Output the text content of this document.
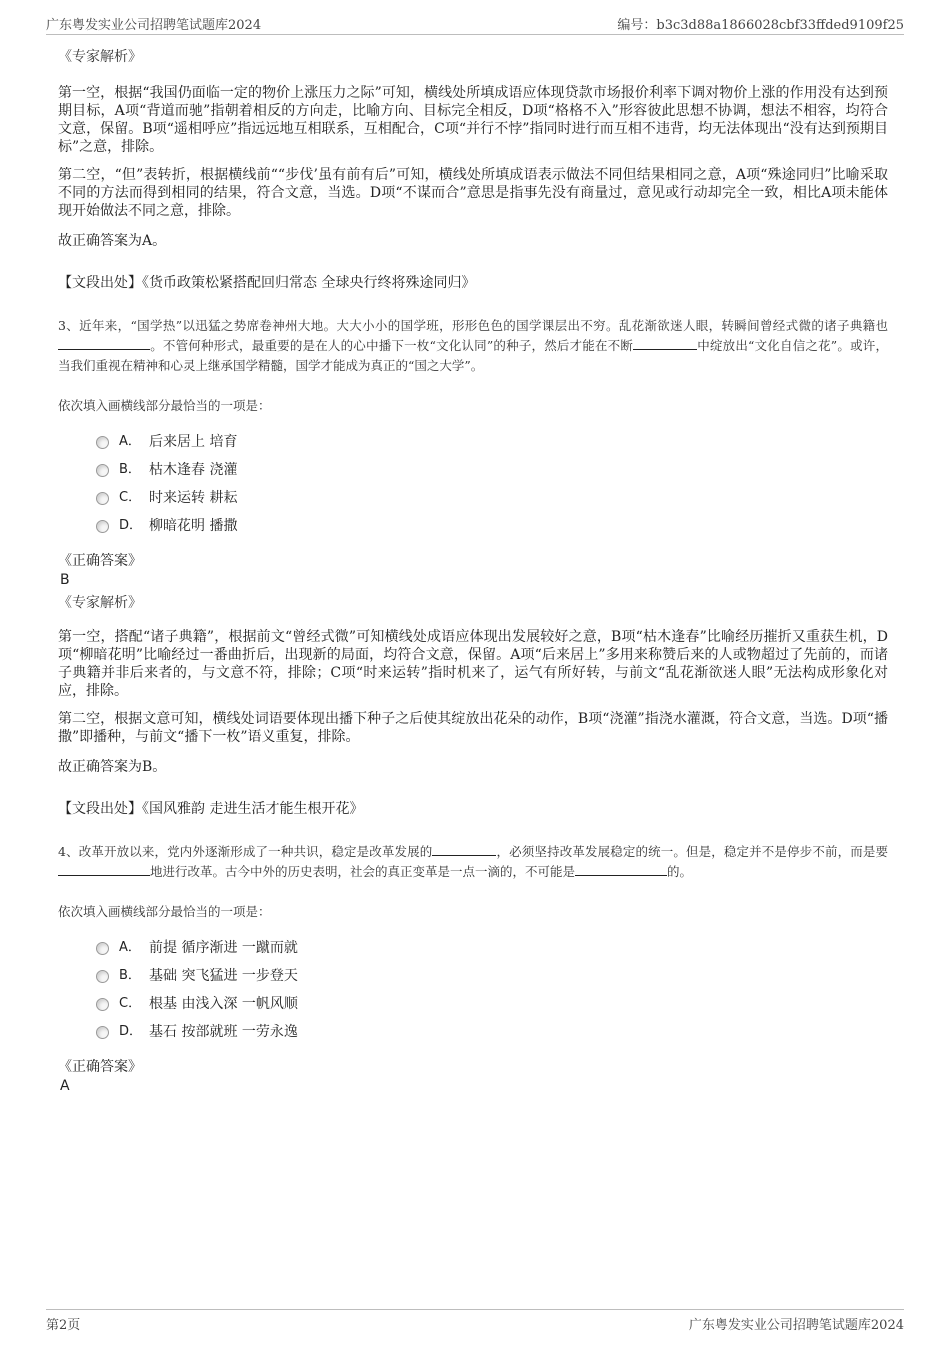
广东粤发实业公司招聘笔试题库2024	编号：b3c3d88a1866028cbf33ffded9109f25
《专家解析》

第一空，根据“我国仍面临一定的物价上涨压力之际”可知，横线处所填成语应体现贷款市场报价利率下调对物价上涨的作用没有达到预期目标，A项“背道而驰”指朝着相反的方向走，比喻方向、目标完全相反，D项“格格不入”形容彼此思想不协调，想法不相容，均符合文意，保留。B项“遥相呼应”指远远地互相联系，互相配合，C项“并行不悖”指同时进行而互相不违背，均无法体现出“没有达到预期目标”之意，排除。

第二空，“但”表转折，根据横线前““步伐’虽有前有后”可知，横线处所填成语表示做法不同但结果相同之意，A项“殊途同归”比喻采取不同的方法而得到相同的结果，符合文意，当选。D项“不谋而合”意思是指事先没有商量过，意见或行动却完全一致，相比A项未能体现开始做法不同之意，排除。

故正确答案为A。

【文段出处】《货币政策松紧搭配回归常态 全球央行终将殊途同归》
3、近年来，“国学热”以迅猛之势席卷神州大地。大大小小的国学班，形形色色的国学课层出不穷。乱花渐欲迷人眼，转瞬间曾经式微的诸子典籍也。不管何种形式，最重要的是在人的心中播下一枚“文化认同”的种子，然后才能在不断	中绽放出“文化自信之花”。或许，当我们重视在精神和心灵上继承国学精髓，国学才能成为真正的“国之大学”。
依次填入画横线部分最恰当的一项是：
A． 后来居上 培育
B． 枯木逢春 浇灌
C． 时来运转 耕耘
D． 柳暗花明 播撒
《正确答案》
B
《专家解析》

第一空，搭配“诸子典籍”，根据前文“曾经式微”可知横线处成语应体现出发展较好之意，B项“枯木逢春”比喻经历摧折又重获生机，D项“柳暗花明”比喻经过一番曲折后，出现新的局面，均符合文意，保留。A项“后来居上”多用来称赞后来的人或物超过了先前的，而诸子典籍并非后来者的，与文意不符，排除；C项“时来运转”指时机来了，运气有所好转，与前文“乱花渐欲迷人眼”无法构成形象化对应，排除。

第二空，根据文意可知，横线处词语要体现出播下种子之后使其绽放出花朵的动作，B项“浇灌”指浇水灌溉，符合文意，当选。D项“播撒”即播种，与前文“播下一枚”语义重复，排除。

故正确答案为B。

【文段出处】《国风雅韵 走进生活才能生根开花》
4、改革开放以来，党内外逐渐形成了一种共识，稳定是改革发展的	，必须坚持改革发展稳定的统一。但是，稳定并不是停步不前，而是要地进行改革。古今中外的历史表明，社会的真正变革是一点一滴的，不可能是	的。
依次填入画横线部分最恰当的一项是：
A． 前提 循序渐进 一蹴而就
B． 基础 突飞猛进 一步登天
C． 根基 由浅入深 一帆风顺
D． 基石 按部就班 一劳永逸
《正确答案》
A
第2页	广东粤发实业公司招聘笔试题库2024
